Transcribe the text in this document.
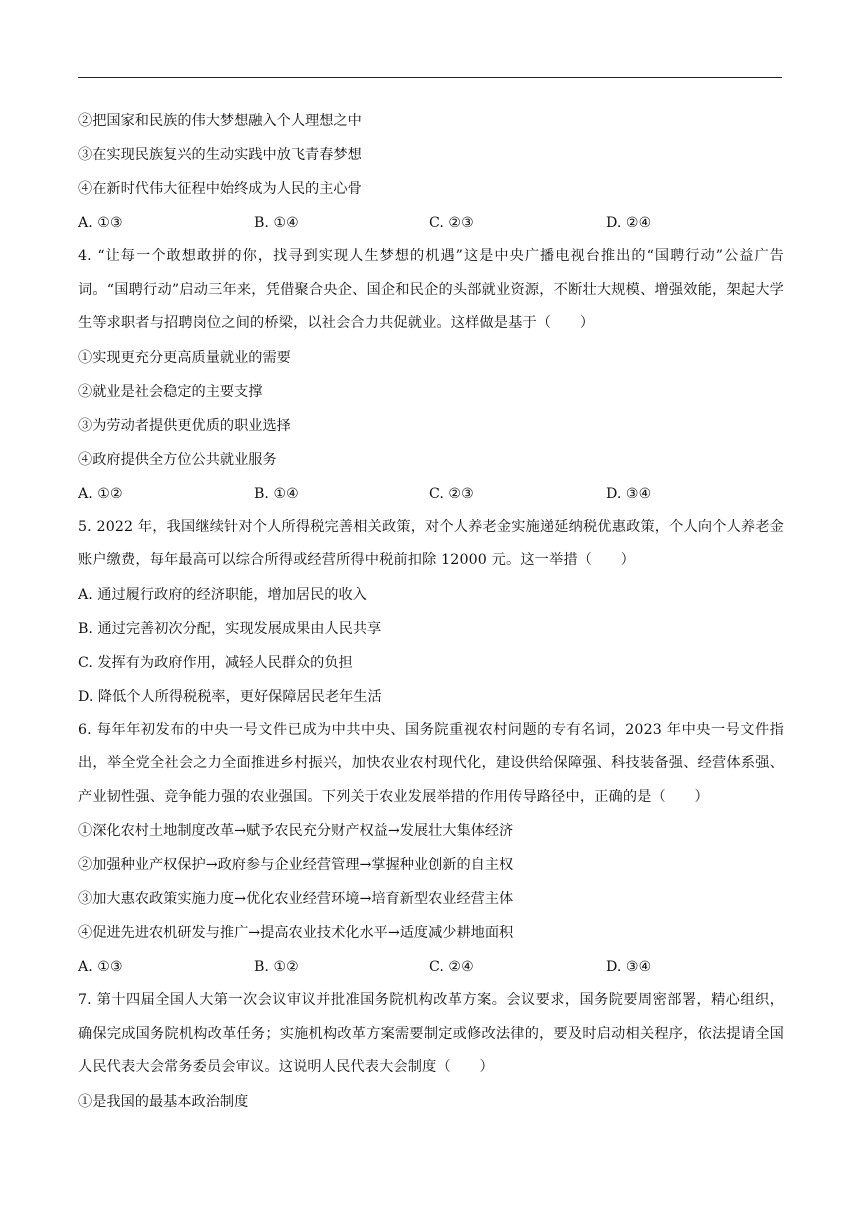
②把国家和民族的伟大梦想融入个人理想之中
③在实现民族复兴的生动实践中放飞青春梦想
④在新时代伟大征程中始终成为人民的主心骨
A. ①③	B. ①④	C. ②③	D. ②④
4. “让每一个敢想敢拼的你，找寻到实现人生梦想的机遇”这是中央广播电视台推出的“国聘行动”公益广告词。“国聘行动”启动三年来，凭借聚合央企、国企和民企的头部就业资源，不断壮大规模、增强效能，架起大学生等求职者与招聘岗位之间的桥梁，以社会合力共促就业。这样做是基于（　　）
①实现更充分更高质量就业的需要
②就业是社会稳定的主要支撑
③为劳动者提供更优质的职业选择
④政府提供全方位公共就业服务
A. ①②	B. ①④	C. ②③	D. ③④
5. 2022 年，我国继续针对个人所得税完善相关政策，对个人养老金实施递延纳税优惠政策，个人向个人养老金账户缴费，每年最高可以综合所得或经营所得中税前扣除 12000 元。这一举措（　　）
A. 通过履行政府的经济职能，增加居民的收入
B. 通过完善初次分配，实现发展成果由人民共享
C. 发挥有为政府作用，减轻人民群众的负担
D. 降低个人所得税税率，更好保障居民老年生活
6. 每年年初发布的中央一号文件已成为中共中央、国务院重视农村问题的专有名词，2023 年中央一号文件指出，举全党全社会之力全面推进乡村振兴，加快农业农村现代化，建设供给保障强、科技装备强、经营体系强、产业韧性强、竞争能力强的农业强国。下列关于农业发展举措的作用传导路径中，正确的是（　　）
①深化农村土地制度改革→赋予农民充分财产权益→发展壮大集体经济
②加强种业产权保护→政府参与企业经营管理→掌握种业创新的自主权
③加大惠农政策实施力度→优化农业经营环境→培育新型农业经营主体
④促进先进农机研发与推广→提高农业技术化水平→适度减少耕地面积
A. ①③	B. ①②	C. ②④	D. ③④
7. 第十四届全国人大第一次会议审议并批准国务院机构改革方案。会议要求，国务院要周密部署，精心组织，确保完成国务院机构改革任务；实施机构改革方案需要制定或修改法律的，要及时启动相关程序，依法提请全国人民代表大会常务委员会审议。这说明人民代表大会制度（　　）
①是我国的最基本政治制度
